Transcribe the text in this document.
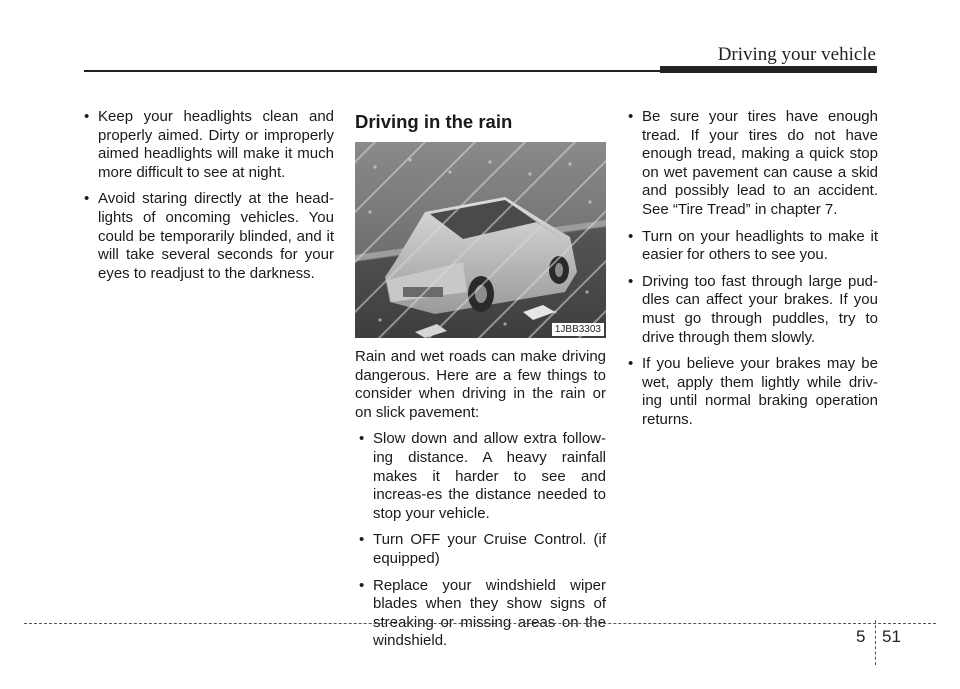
Driving your vehicle
• Keep your headlights clean and properly aimed. Dirty or improperly aimed headlights will make it much more difficult to see at night.
• Avoid staring directly at the head-lights of oncoming vehicles. You could be temporarily blinded, and it will take several seconds for your eyes to readjust to the darkness.
Driving in the rain
1JBB3303
Rain and wet roads can make driving dangerous. Here are a few things to consider when driving in the rain or on slick pavement:
• Slow down and allow extra follow-ing distance. A heavy rainfall makes it harder to see and increas-es the distance needed to stop your vehicle.
• Turn OFF your Cruise Control. (if equipped)
• Replace your windshield wiper blades when they show signs of streaking or missing areas on the windshield.
• Be sure your tires have enough tread. If your tires do not have enough tread, making a quick stop on wet pavement can cause a skid and possibly lead to an accident. See “Tire Tread” in chapter 7.
• Turn on your headlights to make it easier for others to see you.
• Driving too fast through large pud-dles can affect your brakes. If you must go through puddles, try to drive through them slowly.
• If you believe your brakes may be wet, apply them lightly while driv-ing until normal braking operation returns.
5 51
